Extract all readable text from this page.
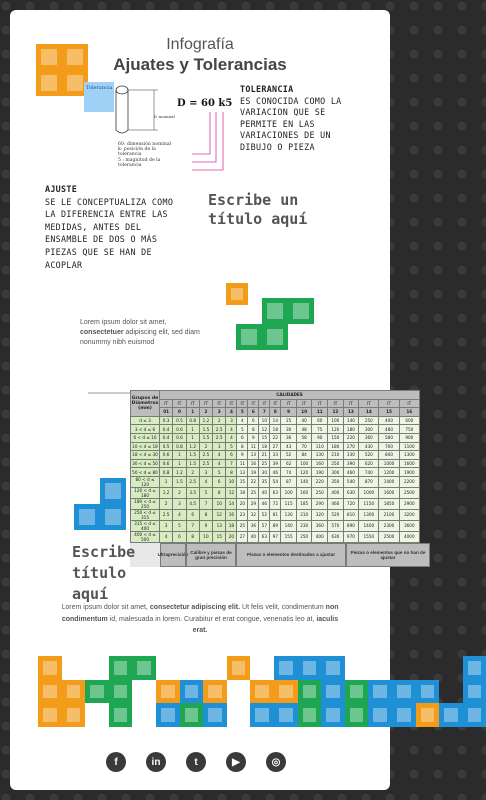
Infografía
Ajuates y Tolerancias
Tolerancia
D nominal
D = 60 k5
60: dimensión nominal
k: posición de la tolerancia
5 : magnitud de la tolerancia
TOLERANCIA
ES CONOCIDA COMO LA VARIACION QUE SE PERMITE EN LAS VARIACIONES DE UN DIBUJO O PIEZA
AJUSTE
SE LE CONCEPTUALIZA COMO LA DIFERENCIA ENTRE LAS MEDIDAS, ANTES DEL ENSAMBLE DE DOS O MÁS PIEZAS QUE SE HAN DE ACOPLAR
Escribe un título aquí
Lorem ipsum dolor sit amet, consectetuer adipiscing elit, sed diam nonummy nibh euismod
Grupos de Diámetros (mm)	CALIDADES																	
	IT	IT	IT	IT	IT	IT	IT	IT	IT	IT	IT	IT	IT	IT	IT	IT	IT	IT
	01	0	1	2	3	4	5	6	7	8	9	10	11	12	13	14	15	16
d ≤ 3	0.3	0.5	0.8	1.2	2	3	4	6	10	14	25	40	60	100	140	250	400	600
3 < d ≤ 6	0.4	0.6	1	1.5	2.5	4	5	8	12	18	30	48	75	120	180	300	480	750
6 < d ≤ 10	0.4	0.6	1	1.5	2.5	4	6	9	15	22	36	58	90	150	220	360	580	900
10 < d ≤ 18	0.5	0.8	1.2	2	3	5	8	11	18	27	43	70	110	180	270	430	700	1100
18 < d ≤ 30	0.6	1	1.5	2.5	4	6	9	13	21	33	52	84	130	210	330	520	840	1300
30 < d ≤ 50	0.6	1	1.5	2.5	4	7	11	16	25	39	62	100	160	250	390	620	1000	1600
50 < d ≤ 80	0.8	1.2	2	3	5	8	13	19	30	46	74	120	190	300	460	740	1200	1900
80 < d ≤ 120	1	1.5	2.5	4	6	10	15	22	35	54	87	140	220	350	540	870	1400	2200
120 < d ≤ 180	1.2	2	3.5	5	8	12	18	25	40	63	100	160	250	400	630	1000	1600	2500
180 < d ≤ 250	2	3	4.5	7	10	14	20	29	46	72	115	185	290	460	720	1150	1850	2900
250 < d ≤ 315	2.5	4	6	8	12	16	23	32	52	81	130	210	320	520	810	1300	2100	3200
315 < d ≤ 400	3	5	7	9	13	18	25	36	57	89	140	230	360	570	890	1400	2300	3600
400 < d ≤ 500	4	6	8	10	15	20	27	40	63	97	155	250	400	630	970	1550	2500	4000
Ultraprecisión
Calibre y piezas de gran precisión
Piezas o elementos destinados a ajustar
Piezas o elementos que no han de ajustar
Escribe título aquí
Lorem ipsum dolor sit amet, consectetur adipiscing elit. Ut felis velit, condimentum non condimentum id, malesuada in lorem. Curabitur et erat congue, venenatis leo at, iaculis erat.
f	in	t	▶	◎
